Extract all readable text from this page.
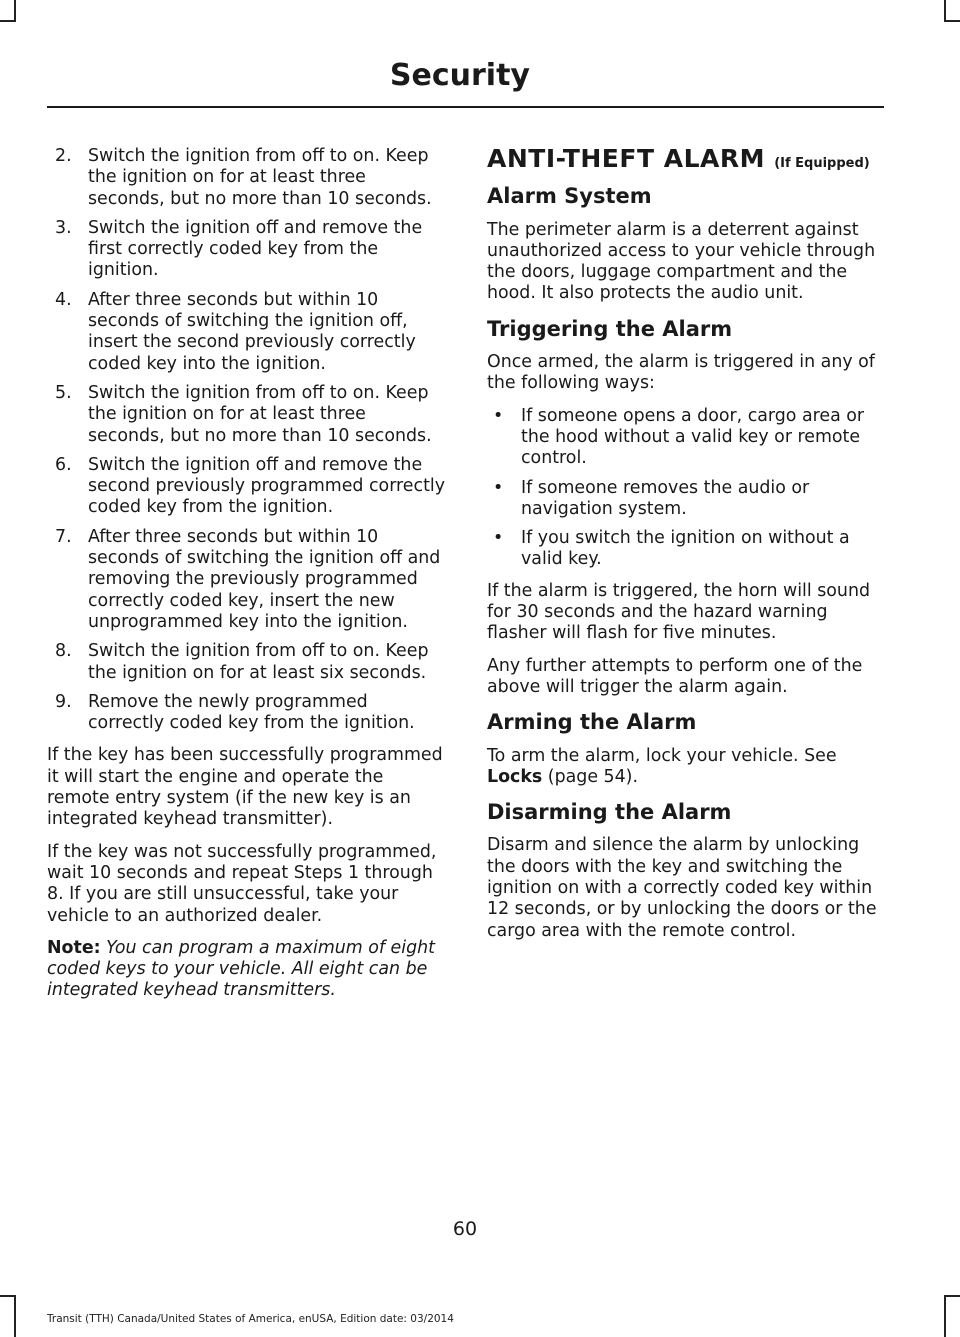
Security
2. Switch the ignition from off to on. Keep the ignition on for at least three seconds, but no more than 10 seconds.
3. Switch the ignition off and remove the first correctly coded key from the ignition.
4. After three seconds but within 10 seconds of switching the ignition off, insert the second previously correctly coded key into the ignition.
5. Switch the ignition from off to on. Keep the ignition on for at least three seconds, but no more than 10 seconds.
6. Switch the ignition off and remove the second previously programmed correctly coded key from the ignition.
7. After three seconds but within 10 seconds of switching the ignition off and removing the previously programmed correctly coded key, insert the new unprogrammed key into the ignition.
8. Switch the ignition from off to on. Keep the ignition on for at least six seconds.
9. Remove the newly programmed correctly coded key from the ignition.

If the key has been successfully programmed it will start the engine and operate the remote entry system (if the new key is an integrated keyhead transmitter).

If the key was not successfully programmed, wait 10 seconds and repeat Steps 1 through 8. If you are still unsuccessful, take your vehicle to an authorized dealer.

Note: You can program a maximum of eight coded keys to your vehicle. All eight can be integrated keyhead transmitters.

ANTI-THEFT ALARM (If Equipped)
Alarm System

The perimeter alarm is a deterrent against unauthorized access to your vehicle through the doors, luggage compartment and the hood. It also protects the audio unit.

Triggering the Alarm

Once armed, the alarm is triggered in any of the following ways:

• If someone opens a door, cargo area or the hood without a valid key or remote control.
• If someone removes the audio or navigation system.
• If you switch the ignition on without a valid key.

If the alarm is triggered, the horn will sound for 30 seconds and the hazard warning flasher will flash for five minutes.

Any further attempts to perform one of the above will trigger the alarm again.

Arming the Alarm

To arm the alarm, lock your vehicle. See Locks (page 54).

Disarming the Alarm

Disarm and silence the alarm by unlocking the doors with the key and switching the ignition on with a correctly coded key within 12 seconds, or by unlocking the doors or the cargo area with the remote control.

60
Transit (TTH) Canada/United States of America, enUSA, Edition date: 03/2014
